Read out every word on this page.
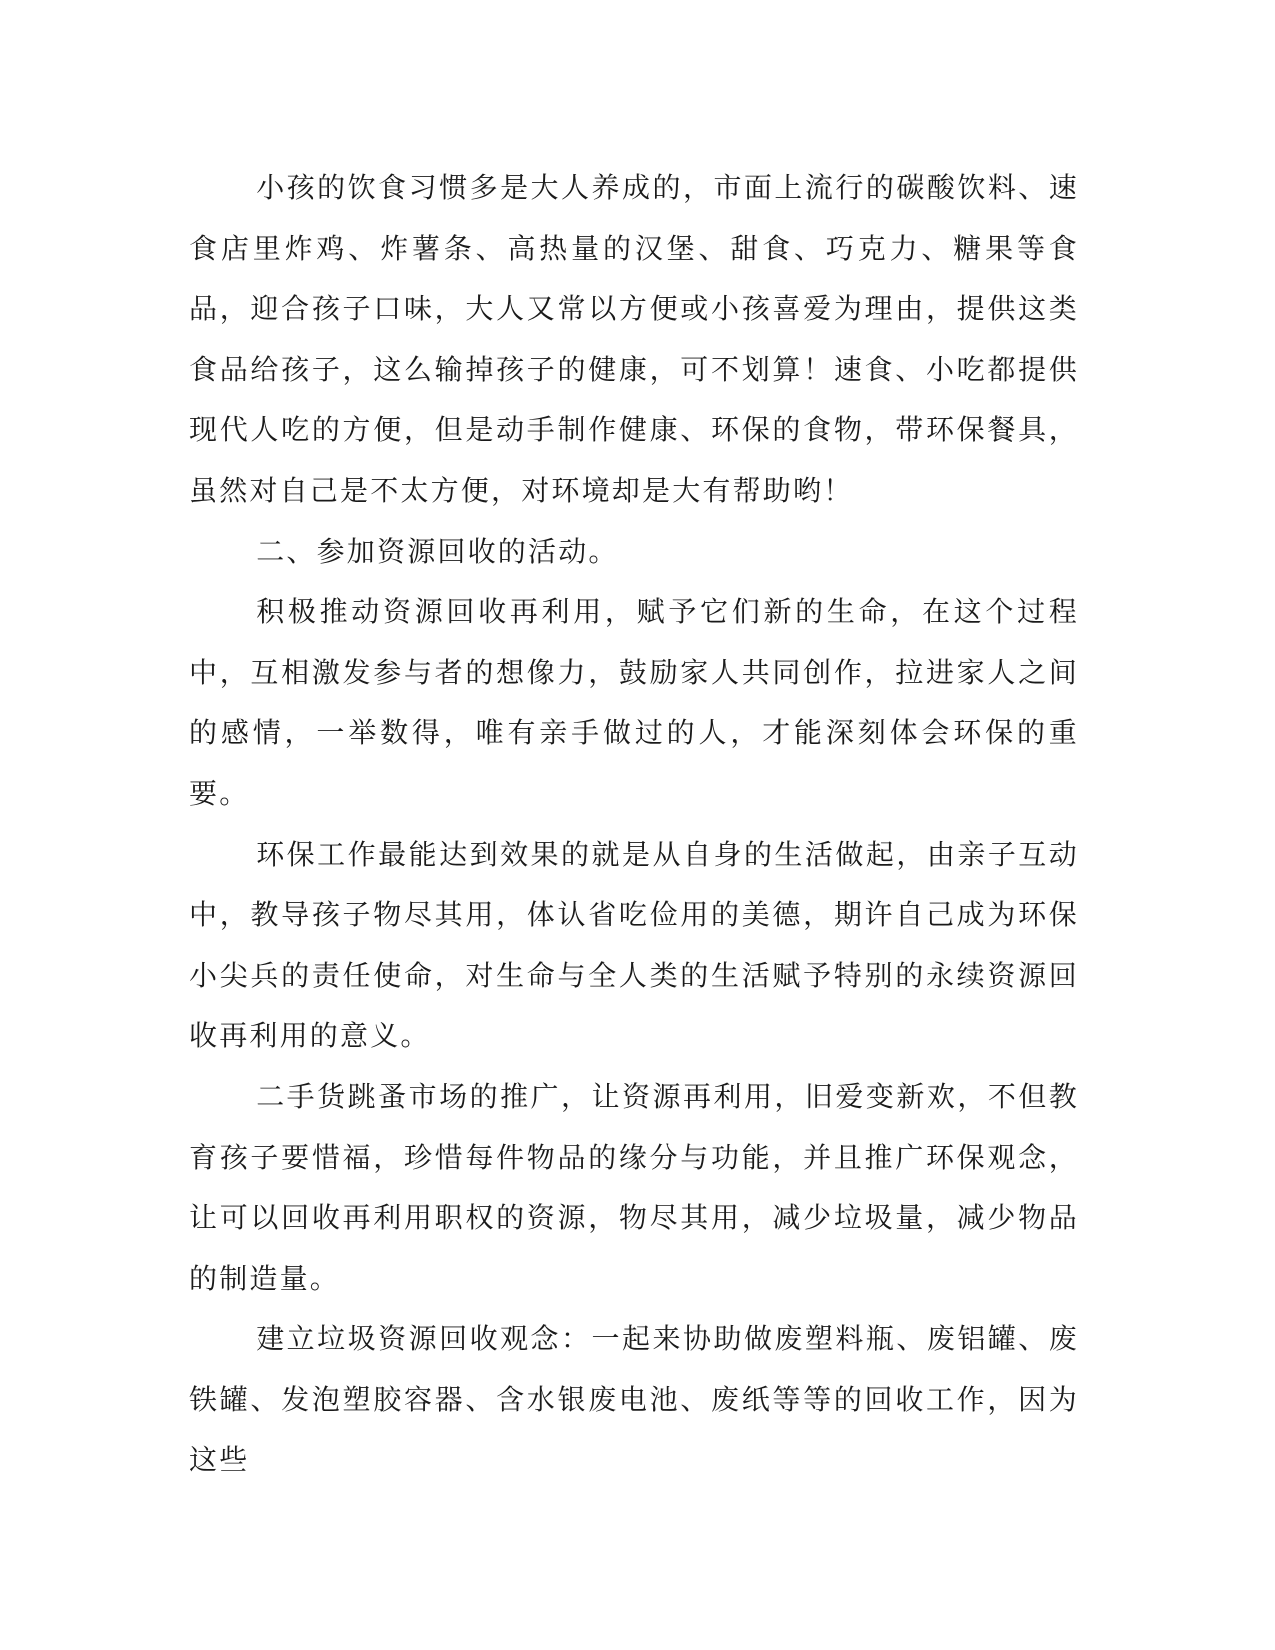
小孩的饮食习惯多是大人养成的，市面上流行的碳酸饮料、速食店里炸鸡、炸薯条、高热量的汉堡、甜食、巧克力、糖果等食品，迎合孩子口味，大人又常以方便或小孩喜爱为理由，提供这类食品给孩子，这么输掉孩子的健康，可不划算！速食、小吃都提供现代人吃的方便，但是动手制作健康、环保的食物，带环保餐具，虽然对自己是不太方便，对环境却是大有帮助哟！

二、参加资源回收的活动。

积极推动资源回收再利用，赋予它们新的生命，在这个过程中，互相激发参与者的想像力，鼓励家人共同创作，拉进家人之间的感情，一举数得，唯有亲手做过的人，才能深刻体会环保的重要。

环保工作最能达到效果的就是从自身的生活做起，由亲子互动中，教导孩子物尽其用，体认省吃俭用的美德，期许自己成为环保小尖兵的责任使命，对生命与全人类的生活赋予特别的永续资源回收再利用的意义。

二手货跳蚤市场的推广，让资源再利用，旧爱变新欢，不但教育孩子要惜福，珍惜每件物品的缘分与功能，并且推广环保观念，让可以回收再利用职权的资源，物尽其用，减少垃圾量，减少物品的制造量。

建立垃圾资源回收观念：一起来协助做废塑料瓶、废铝罐、废铁罐、发泡塑胶容器、含水银废电池、废纸等等的回收工作，因为这些
